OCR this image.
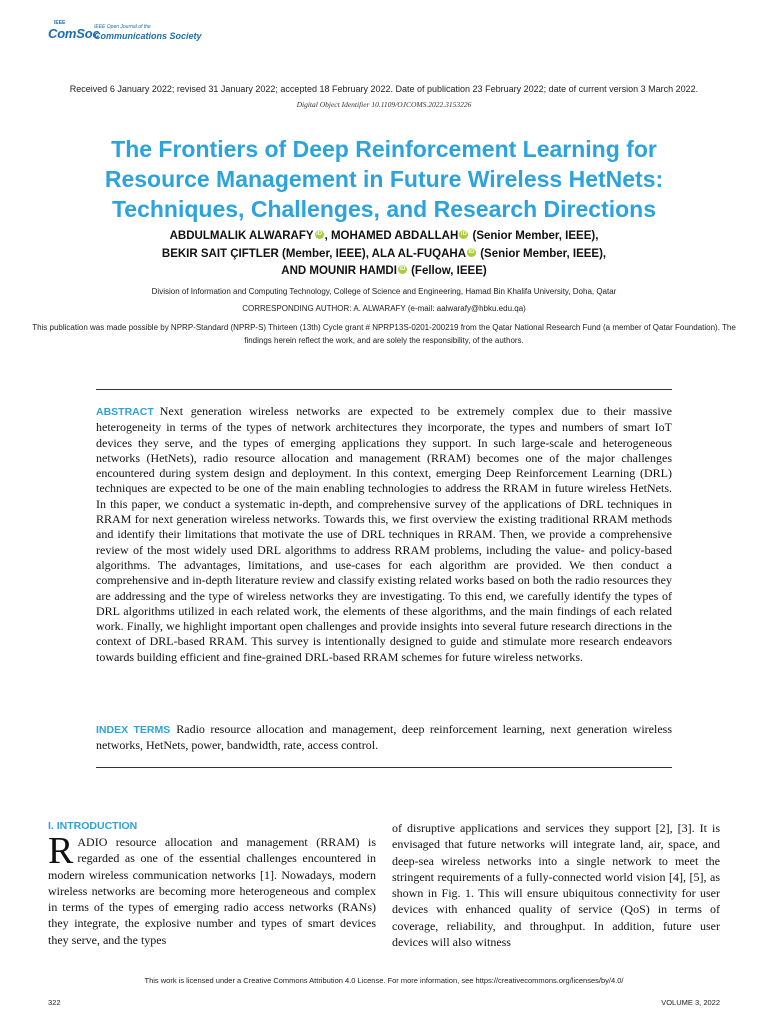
IEEE
ComSoc
IEEE Open Journal of the
Communications Society
Received 6 January 2022; revised 31 January 2022; accepted 18 February 2022. Date of publication 23 February 2022; date of current version 3 March 2022.
Digital Object Identifier 10.1109/OJCOMS.2022.3153226
The Frontiers of Deep Reinforcement Learning for
Resource Management in Future Wireless HetNets:
Techniques, Challenges, and Research Directions
ABDULMALIK ALWARAFY iD , MOHAMED ABDALLAH iD (Senior Member, IEEE),
BEKIR SAIT ÇIFTLER (Member, IEEE), ALA AL-FUQAHA iD (Senior Member, IEEE),
AND MOUNIR HAMDI iD (Fellow, IEEE)
Division of Information and Computing Technology, College of Science and Engineering, Hamad Bin Khalifa University, Doha, Qatar
CORRESPONDING AUTHOR: A. ALWARAFY (e-mail: aalwarafy@hbku.edu.qa)
This publication was made possible by NPRP-Standard (NPRP-S) Thirteen (13th) Cycle grant # NPRP13S-0201-200219 from the Qatar National Research Fund (a member of Qatar Foundation). The findings herein reflect the work, and are solely the responsibility, of the authors.
ABSTRACT Next generation wireless networks are expected to be extremely complex due to their massive heterogeneity in terms of the types of network architectures they incorporate, the types and numbers of smart IoT devices they serve, and the types of emerging applications they support. In such large-scale and heterogeneous networks (HetNets), radio resource allocation and management (RRAM) becomes one of the major challenges encountered during system design and deployment. In this context, emerging Deep Reinforcement Learning (DRL) techniques are expected to be one of the main enabling technologies to address the RRAM in future wireless HetNets. In this paper, we conduct a systematic in-depth, and comprehensive survey of the applications of DRL techniques in RRAM for next generation wireless networks. Towards this, we first overview the existing traditional RRAM methods and identify their limitations that motivate the use of DRL techniques in RRAM. Then, we provide a comprehensive review of the most widely used DRL algorithms to address RRAM problems, including the value- and policy-based algorithms. The advantages, limitations, and use-cases for each algorithm are provided. We then conduct a comprehensive and in-depth literature review and classify existing related works based on both the radio resources they are addressing and the type of wireless networks they are investigating. To this end, we carefully identify the types of DRL algorithms utilized in each related work, the elements of these algorithms, and the main findings of each related work. Finally, we highlight important open challenges and provide insights into several future research directions in the context of DRL-based RRAM. This survey is intentionally designed to guide and stimulate more research endeavors towards building efficient and fine-grained DRL-based RRAM schemes for future wireless networks.
INDEX TERMS Radio resource allocation and management, deep reinforcement learning, next generation wireless networks, HetNets, power, bandwidth, rate, access control.
I. INTRODUCTION
RADIO resource allocation and management (RRAM) is regarded as one of the essential challenges encountered in modern wireless communication networks [1]. Nowadays, modern wireless networks are becoming more heterogeneous and complex in terms of the types of emerging radio access networks (RANs) they integrate, the explosive number and types of smart devices they serve, and the types
of disruptive applications and services they support [2], [3]. It is envisaged that future networks will integrate land, air, space, and deep-sea wireless networks into a single network to meet the stringent requirements of a fully-connected world vision [4], [5], as shown in Fig. 1. This will ensure ubiquitous connectivity for user devices with enhanced quality of service (QoS) in terms of coverage, reliability, and throughput. In addition, future user devices will also witness
This work is licensed under a Creative Commons Attribution 4.0 License. For more information, see https://creativecommons.org/licenses/by/4.0/
322	VOLUME 3, 2022
